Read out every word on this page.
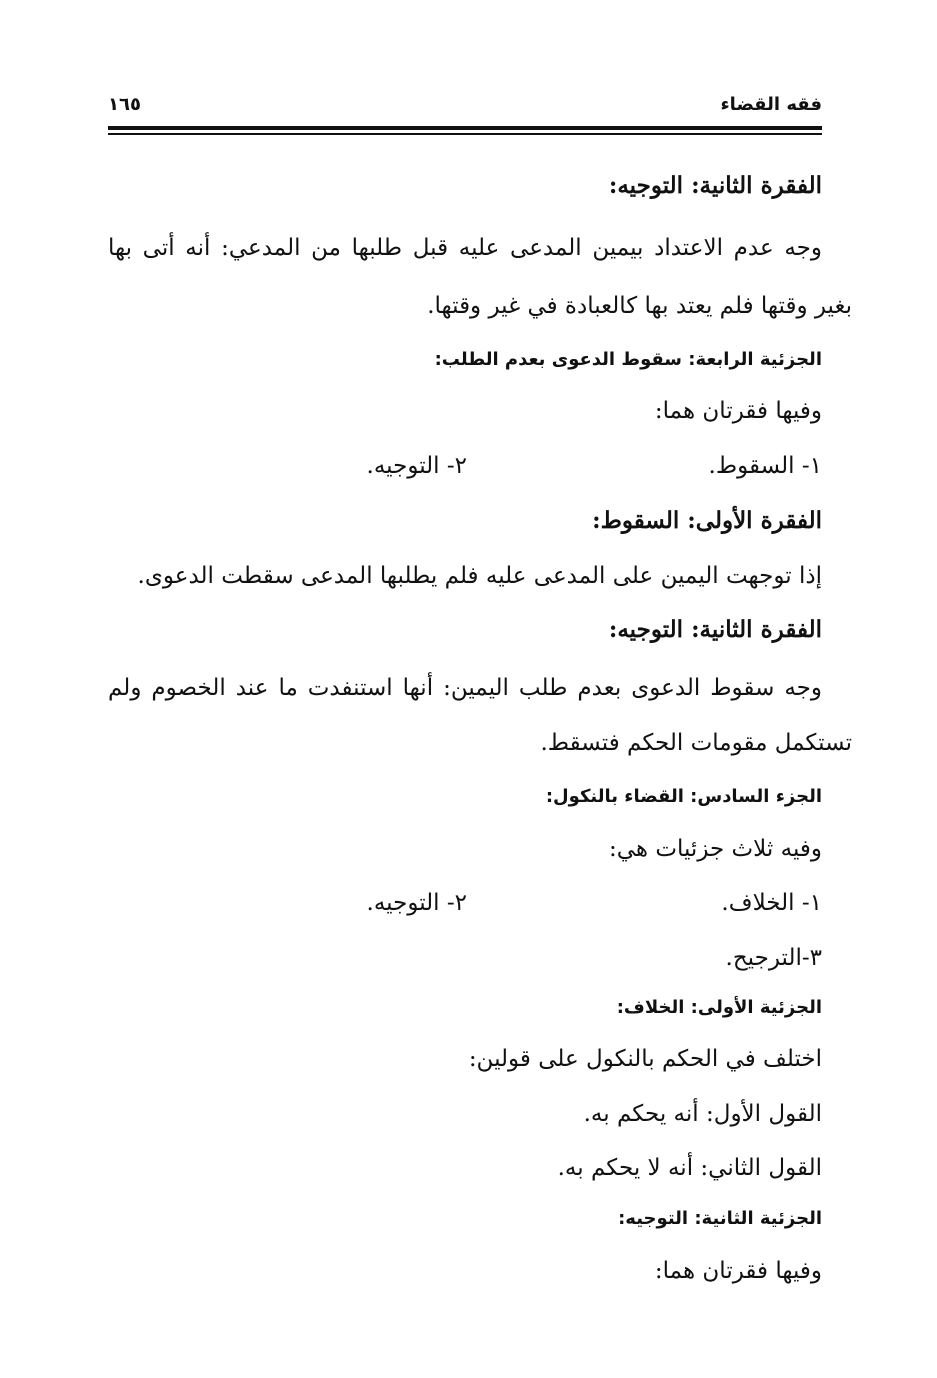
فقه القضاء
١٦٥
الفقرة الثانية: التوجيه:
وجه عدم الاعتداد بيمين المدعى عليه قبل طلبها من المدعي: أنه أتى بها
بغير وقتها فلم يعتد بها كالعبادة في غير وقتها.
الجزئية الرابعة: سقوط الدعوى بعدم الطلب:
وفيها فقرتان هما:
١- السقوط.
٢- التوجيه.
الفقرة الأولى: السقوط:
إذا توجهت اليمين على المدعى عليه فلم يطلبها المدعى سقطت الدعوى.
الفقرة الثانية: التوجيه:
وجه سقوط الدعوى بعدم طلب اليمين: أنها استنفدت ما عند الخصوم ولم
تستكمل مقومات الحكم فتسقط.
الجزء السادس: القضاء بالنكول:
وفيه ثلاث جزئيات هي:
١- الخلاف.
٢- التوجيه.
٣-الترجيح.
الجزئية الأولى: الخلاف:
اختلف في الحكم بالنكول على قولين:
القول الأول: أنه يحكم به.
القول الثاني: أنه لا يحكم به.
الجزئية الثانية: التوجيه:
وفيها فقرتان هما:
